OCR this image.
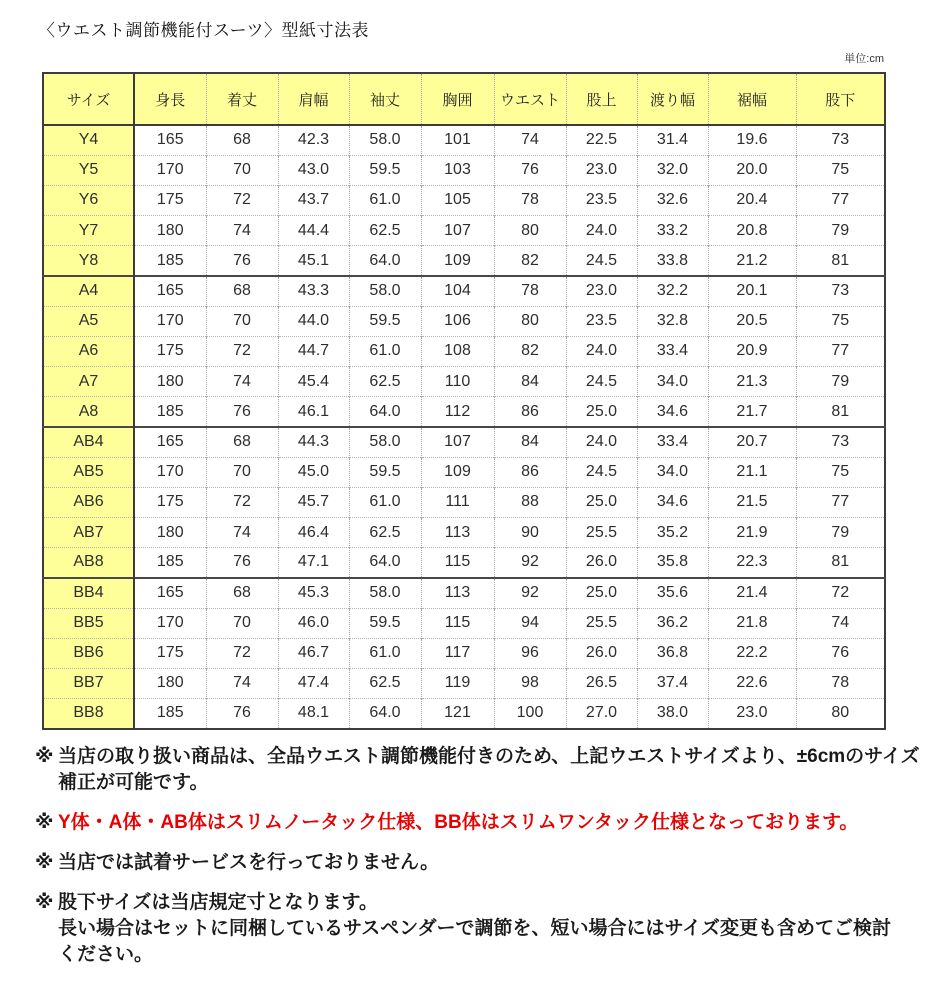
〈ウエスト調節機能付スーツ〉型紙寸法表
単位:cm
サイズ	身長	着丈	肩幅	袖丈	胸囲	ウエスト	股上	渡り幅	裾幅	股下
Y4	165	68	42.3	58.0	101	74	22.5	31.4	19.6	73
Y5	170	70	43.0	59.5	103	76	23.0	32.0	20.0	75
Y6	175	72	43.7	61.0	105	78	23.5	32.6	20.4	77
Y7	180	74	44.4	62.5	107	80	24.0	33.2	20.8	79
Y8	185	76	45.1	64.0	109	82	24.5	33.8	21.2	81
A4	165	68	43.3	58.0	104	78	23.0	32.2	20.1	73
A5	170	70	44.0	59.5	106	80	23.5	32.8	20.5	75
A6	175	72	44.7	61.0	108	82	24.0	33.4	20.9	77
A7	180	74	45.4	62.5	110	84	24.5	34.0	21.3	79
A8	185	76	46.1	64.0	112	86	25.0	34.6	21.7	81
AB4	165	68	44.3	58.0	107	84	24.0	33.4	20.7	73
AB5	170	70	45.0	59.5	109	86	24.5	34.0	21.1	75
AB6	175	72	45.7	61.0	111	88	25.0	34.6	21.5	77
AB7	180	74	46.4	62.5	113	90	25.5	35.2	21.9	79
AB8	185	76	47.1	64.0	115	92	26.0	35.8	22.3	81
BB4	165	68	45.3	58.0	113	92	25.0	35.6	21.4	72
BB5	170	70	46.0	59.5	115	94	25.5	36.2	21.8	74
BB6	175	72	46.7	61.0	117	96	26.0	36.8	22.2	76
BB7	180	74	47.4	62.5	119	98	26.5	37.4	22.6	78
BB8	185	76	48.1	64.0	121	100	27.0	38.0	23.0	80
※ 当店の取り扱い商品は、全品ウエスト調節機能付きのため、上記ウエストサイズより、±6cmのサイズ
補正が可能です。
※ Y体・A体・AB体はスリムノータック仕様、BB体はスリムワンタック仕様となっております。
※ 当店では試着サービスを行っておりません。
※ 股下サイズは当店規定寸となります。
長い場合はセットに同梱しているサスペンダーで調節を、短い場合にはサイズ変更も含めてご検討
ください。
